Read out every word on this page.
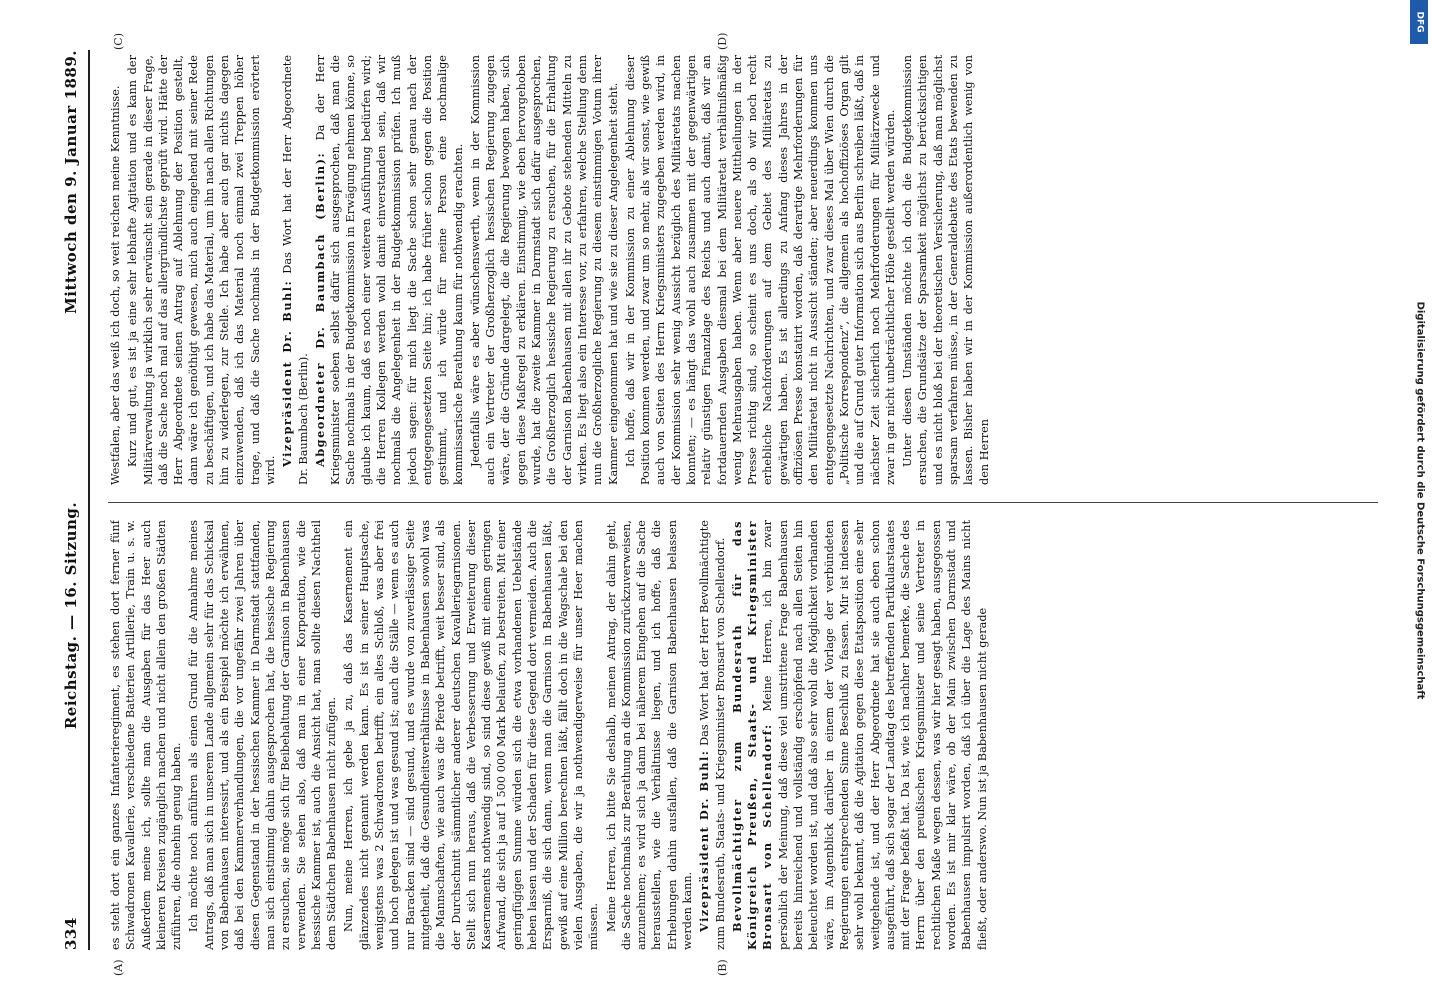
334
Reichstag. — 16. Sitzung.
Mittwoch den 9. Januar 1889.
(A)	(B)
(C)	(D)

es steht dort ein ganzes Infanterieregiment, es stehen dort ferner fünf Schwadronen Kavallerie, verschiedene Batterien Artillerie, Train u. s. w. Außerdem meine ich, sollte man die Ausgaben für das Heer auch kleineren Kreisen zugänglich machen und nicht allein den großen Städten zuführen, die ohnehin genug haben. Ich möchte noch anführen als einen Grund für die Annahme meines Antrags, daß man sich in unserem Lande allgemein sehr für das Schicksal von Babenhausen interessirt, und als ein Beispiel möchte ich erwähnen, daß bei den Kammerverhandlungen, die vor ungefähr zwei Jahren über diesen Gegenstand in der hessischen Kammer in Darmstadt stattfanden, man sich einstimmig dahin ausgesprochen hat, die hessische Regierung zu ersuchen, sie möge sich für Beibehaltung der Garnison in Babenhausen verwenden. Sie sehen also, daß man in einer Korporation, wie die hessische Kammer ist, auch die Ansicht hat, man sollte diesen Nachtheil dem Städtchen Babenhausen nicht zufügen. Nun, meine Herren, ich gebe ja zu, daß das Kasernement ein glänzendes nicht genannt werden kann. Es ist in seiner Hauptsache, wenigstens was 2 Schwadronen betrifft, ein altes Schloß, was aber frei und hoch gelegen ist und was gesund ist; auch die Ställe — wenn es auch nur Baracken sind — sind gesund, und es wurde von zuverlässiger Seite mitgetheilt, daß die Gesundheitsverhältnisse in Babenhausen sowohl was die Mannschaften, wie auch was die Pferde betrifft, weit besser sind, als der Durchschnitt sämmtlicher anderer deutschen Kavalleriegarnisonen. Stellt sich nun heraus, daß die Verbesserung und Erweiterung dieser Kasernements nothwendig sind, so sind diese gewiß mit einem geringen Aufwand, die sich ja auf 1 500 000 Mark belaufen, zu bestreiten. Mit einer geringfügigen Summe würden sich die etwa vorhandenen Uebelstände heben lassen und der Schaden für diese Gegend dort vermeiden. Auch die Ersparniß, die sich dann, wenn man die Garnison in Babenhausen läßt, gewiß auf eine Million berechnen läßt, fällt doch in die Wagschale bei den vielen Ausgaben, die wir ja nothwendigerweise für unser Heer machen müssen. Meine Herren, ich bitte Sie deshalb, meinen Antrag, der dahin geht, die Sache nochmals zur Berathung an die Kommission zurückzuverweisen, anzunehmen; es wird sich ja dann bei näherem Eingehen auf die Sache herausstellen, wie die Verhältnisse liegen, und ich hoffe, daß die Erhebungen dahin ausfallen, daß die Garnison Babenhausen belassen werden kann. Vizepräsident Dr. Buhl: Das Wort hat der Herr Bevollmächtigte zum Bundesrath, Staats- und Kriegsminister Bronsart von Schellendorf. Bevollmächtigter zum Bundesrath für das Königreich Preußen, Staats- und Kriegsminister Bronsart von Schellendorf: Meine Herren, ich bin zwar persönlich der Meinung, daß diese viel umstrittene Frage Babenhausen bereits hinreichend und vollständig erschöpfend nach allen Seiten hin beleuchtet worden ist, und daß also sehr wohl die Möglichkeit vorhanden wäre, im Augenblick darüber in einem der Vorlage der verbündeten Regierungen entsprechenden Sinne Beschluß zu fassen. Mir ist indessen sehr wohl bekannt, daß die Agitation gegen diese Etatsposition eine sehr weitgehende ist, und der Herr Abgeordnete hat sie auch eben schon ausgeführt, daß sich sogar der Landtag des betreffenden Partikularstaates mit der Frage befaßt hat. Da ist, wie ich nachher bemerke, die Sache des Herrn über den preußischen Kriegsminister und seine Vertreter in rechtlichen Maße wegen dessen, was wir hier gesagt haben, ausgegossen worden. Es ist mir klar wäre, ob der Main zwischen Darmstadt und Babenhausen impulsirt worden, daß ich über die Lage des Mains nicht fließt, oder anderswo. Nun ist ja Babenhausen nicht gerade

Westfalen, aber das weiß ich doch, so weit reichen meine Kenntnisse. Kurz und gut, es ist ja eine sehr lebhafte Agitation und es kann der Militärverwaltung ja wirklich sehr erwünscht sein gerade in dieser Frage, daß die Sache noch mal auf das allergründlichste geprüft wird. Hätte der Herr Abgeordnete seinen Antrag auf Ablehnung der Position gestellt, dann wäre ich genöthigt gewesen, mich auch eingehend mit seiner Rede zu beschäftigen, und ich habe das Material, um ihn nach allen Richtungen hin zu widerlegen, zur Stelle. Ich habe aber auch gar nichts dagegen einzuwenden, daß ich das Material noch einmal zwei Treppen höher trage, und daß die Sache nochmals in der Budgetkommission erörtert wird.

Vizepräsident Dr. Buhl: Das Wort hat der Herr Abgeordnete Dr. Baumbach (Berlin). Abgeordneter Dr. Baumbach (Berlin): Da der Herr Kriegsminister soeben selbst dafür sich ausgesprochen, daß man die Sache nochmals in der Budgetkommission in Erwägung nehmen könne, so glaube ich kaum, daß es noch einer weiteren Ausführung bedürfen wird; die Herren Kollegen werden wohl damit einverstanden sein, daß wir nochmals die Angelegenheit in der Budgetkommission prüfen. Ich muß jedoch sagen: für mich liegt die Sache schon sehr genau nach der entgegengesetzten Seite hin; ich habe früher schon gegen die Position gestimmt, und ich würde für meine Person eine nochmalige kommissarische Berathung kaum für nothwendig erachten. Jedenfalls wäre es aber wünschenswerth, wenn in der Kommission auch ein Vertreter der Großherzoglich hessischen Regierung zugegen wäre, der die Gründe dargelegt, die die Regierung bewogen haben, sich gegen diese Maßregel zu erklären. Einstimmig, wie eben hervorgehoben wurde, hat die zweite Kammer in Darmstadt sich dafür ausgesprochen, die Großherzoglich hessische Regierung zu ersuchen, für die Erhaltung der Garnison Babenhausen mit allen ihr zu Gebote stehenden Mitteln zu wirken. Es liegt also ein Interesse vor, zu erfahren, welche Stellung denn nun die Großherzogliche Regierung zu diesem einstimmigen Votum ihrer Kammer eingenommen hat und wie sie zu dieser Angelegenheit steht. Ich hoffe, daß wir in der Kommission zu einer Ablehnung dieser Position kommen werden, und zwar um so mehr, als wir sonst, wie gewiß auch von Seiten des Herrn Kriegsministers zugegeben werden wird, in der Kommission sehr wenig Aussicht bezüglich des Militäretats machen konnten; — es hängt das wohl auch zusammen mit der gegenwärtigen relativ günstigen Finanzlage des Reichs und auch damit, daß wir an fortdauernden Ausgaben diesmal bei dem Militäretat verhältnißmäßig wenig Mehrausgaben haben. Wenn aber neuere Mittheilungen in der Presse richtig sind, so scheint es uns doch, als ob wir noch recht erhebliche Nachforderungen auf dem Gebiet des Militäretats zu gewärtigen haben. Es ist allerdings zu Anfang dieses Jahres in der offiziösen Presse konstatirt worden, daß derartige Mehrforderungen für den Militäretat nicht in Aussicht ständen; aber neuerdings kommen uns entgegengesetzte Nachrichten, und zwar dieses Mal über Wien durch die „Politische Korrespondenz“, die allgemein als hochoffiziöses Organ gilt und die auf Grund guter Information sich aus Berlin schreiben läßt, daß in nächster Zeit sicherlich noch Mehrforderungen für Militärzwecke und zwar in gar nicht unbeträchtlicher Höhe gestellt werden würden. Unter diesen Umständen möchte ich doch die Budgetkommission ersuchen, die Grundsätze der Sparsamkeit möglichst zu berücksichtigen und es nicht bloß bei der theoretischen Versicherung, daß man möglichst sparsam verfahren müsse, in der Generaldebatte des Etats bewenden zu lassen. Bisher haben wir in der Kommission außerordentlich wenig von den Herren	Digitalisierung gefördert durch die Deutsche Forschungsgemeinschaft
DFG
